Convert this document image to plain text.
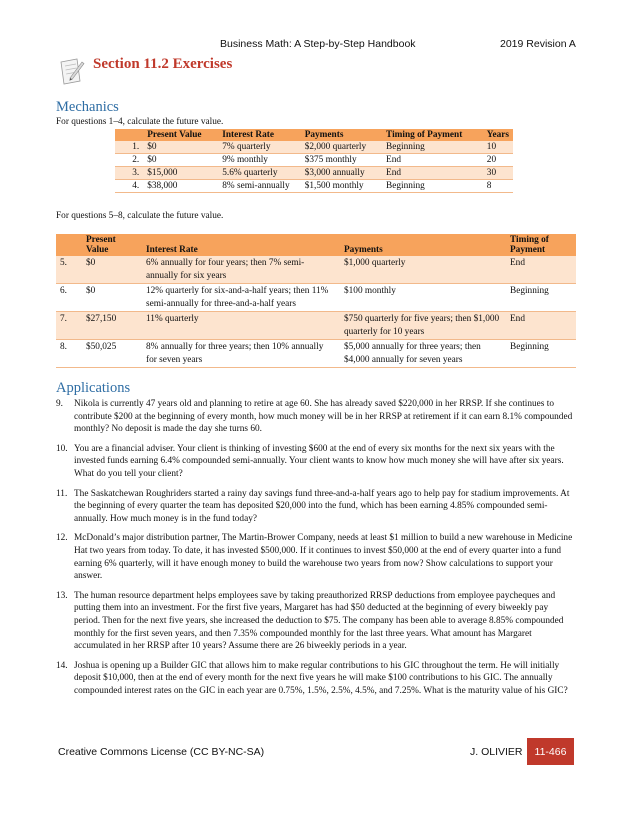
Business Math: A Step-by-Step Handbook	2019 Revision A
Section 11.2 Exercises
Mechanics
For questions 1–4, calculate the future value.
	Present Value	Interest Rate	Payments	Timing of Payment	Years
1.	$0	7% quarterly	$2,000 quarterly	Beginning	10
2.	$0	9% monthly	$375 monthly	End	20
3.	$15,000	5.6% quarterly	$3,000 annually	End	30
4.	$38,000	8% semi-annually	$1,500 monthly	Beginning	8
For questions 5–8, calculate the future value.
	Present Value	Interest Rate	Payments	Timing of Payment
5.	$0	6% annually for four years; then 7% semi-annually for six years	$1,000 quarterly	End
6.	$0	12% quarterly for six-and-a-half years; then 11% semi-annually for three-and-a-half years	$100 monthly	Beginning
7.	$27,150	11% quarterly	$750 quarterly for five years; then $1,000 quarterly for 10 years	End
8.	$50,025	8% annually for three years; then 10% annually for seven years	$5,000 annually for three years; then $4,000 annually for seven years	Beginning
Applications
9.	Nikola is currently 47 years old and planning to retire at age 60. She has already saved $220,000 in her RRSP. If she continues to contribute $200 at the beginning of every month, how much money will be in her RRSP at retirement if it can earn 8.1% compounded monthly? No deposit is made the day she turns 60.
10. You are a financial adviser. Your client is thinking of investing $600 at the end of every six months for the next six years with the invested funds earning 6.4% compounded semi-annually. Your client wants to know how much money she will have after six years. What do you tell your client?
11. The Saskatchewan Roughriders started a rainy day savings fund three-and-a-half years ago to help pay for stadium improvements. At the beginning of every quarter the team has deposited $20,000 into the fund, which has been earning 4.85% compounded semi-annually. How much money is in the fund today?
12. McDonald’s major distribution partner, The Martin-Brower Company, needs at least $1 million to build a new warehouse in Medicine Hat two years from today. To date, it has invested $500,000. If it continues to invest $50,000 at the end of every quarter into a fund earning 6% quarterly, will it have enough money to build the warehouse two years from now? Show calculations to support your answer.
13. The human resource department helps employees save by taking preauthorized RRSP deductions from employee paycheques and putting them into an investment. For the first five years, Margaret has had $50 deducted at the beginning of every biweekly pay period. Then for the next five years, she increased the deduction to $75. The company has been able to average 8.85% compounded monthly for the first seven years, and then 7.35% compounded monthly for the last three years. What amount has Margaret accumulated in her RRSP after 10 years? Assume there are 26 biweekly periods in a year.
14. Joshua is opening up a Builder GIC that allows him to make regular contributions to his GIC throughout the term. He will initially deposit $10,000, then at the end of every month for the next five years he will make $100 contributions to his GIC. The annually compounded interest rates on the GIC in each year are 0.75%, 1.5%, 2.5%, 4.5%, and 7.25%. What is the maturity value of his GIC?
Creative Commons License (CC BY-NC-SA)	J. OLIVIER	11-466
